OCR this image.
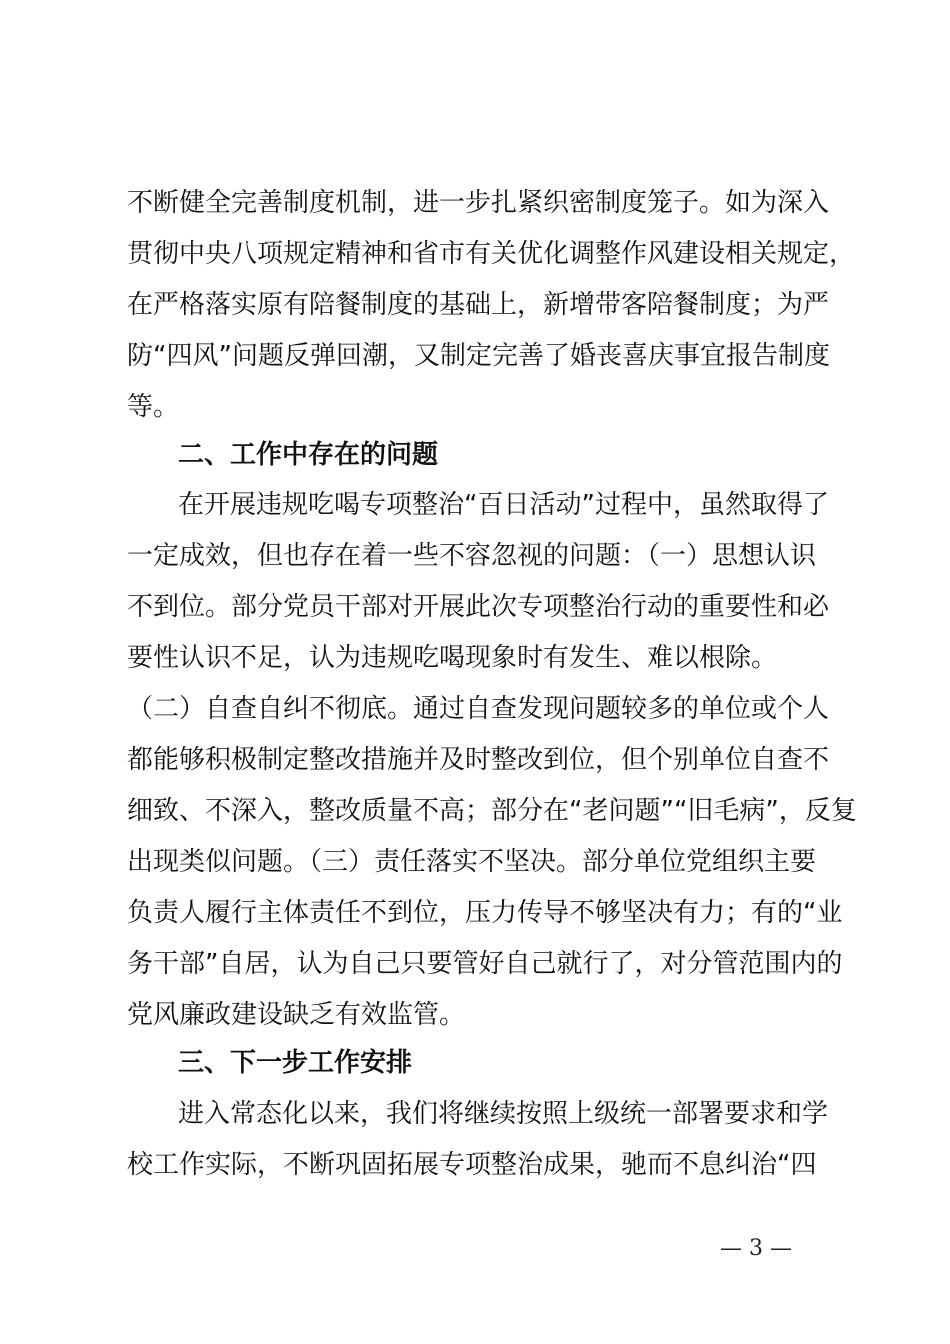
不断健全完善制度机制，进一步扎紧织密制度笼子。如为深入
贯彻中央八项规定精神和省市有关优化调整作风建设相关规定，
在严格落实原有陪餐制度的基础上，新增带客陪餐制度；为严
防“四风”问题反弹回潮，又制定完善了婚丧喜庆事宜报告制度
等。
二、工作中存在的问题
在开展违规吃喝专项整治“百日活动”过程中，虽然取得了
一定成效，但也存在着一些不容忽视的问题：（一）思想认识
不到位。部分党员干部对开展此次专项整治行动的重要性和必
要性认识不足，认为违规吃喝现象时有发生、难以根除。
（二）自查自纠不彻底。通过自查发现问题较多的单位或个人
都能够积极制定整改措施并及时整改到位，但个别单位自查不
细致、不深入，整改质量不高；部分在“老问题”“旧毛病”，反复
出现类似问题。（三）责任落实不坚决。部分单位党组织主要
负责人履行主体责任不到位，压力传导不够坚决有力；有的“业
务干部”自居，认为自己只要管好自己就行了，对分管范围内的
党风廉政建设缺乏有效监管。
三、下一步工作安排
进入常态化以来，我们将继续按照上级统一部署要求和学
校工作实际，不断巩固拓展专项整治成果，驰而不息纠治“四
— 3 —
